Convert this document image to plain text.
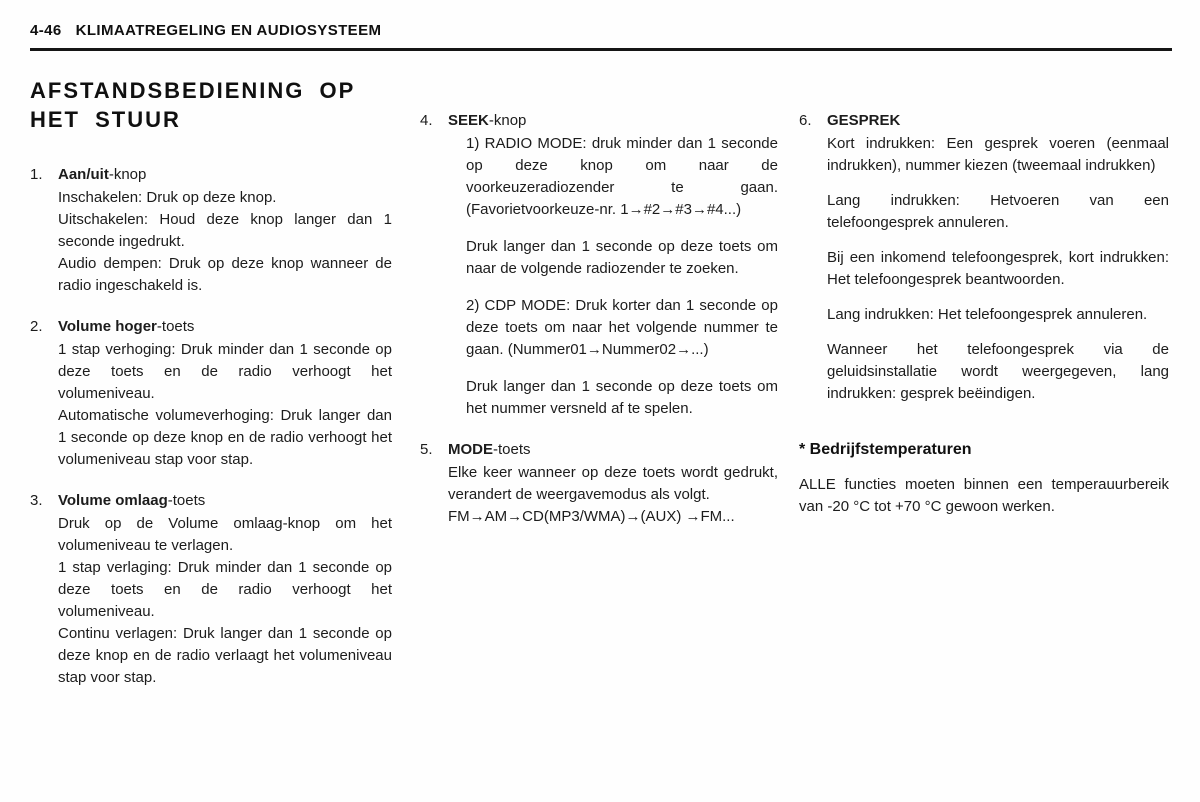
4-46 KLIMAATREGELING EN AUDIOSYSTEEM
AFSTANDSBEDIENING OP
HET STUUR
1.	Aan/uit-knop

Inschakelen: Druk op deze knop.

Uitschakelen: Houd deze knop langer dan 1 seconde ingedrukt.

Audio dempen: Druk op deze knop wanneer de radio ingeschakeld is.

2.	Volume hoger-toets

1 stap verhoging: Druk minder dan 1 seconde op deze toets en de radio verhoogt het volumeniveau.

Automatische volumeverhoging: Druk langer dan 1 seconde op deze knop en de radio verhoogt het volumeniveau stap voor stap.

3.	Volume omlaag-toets

Druk op de Volume omlaag-knop om het volumeniveau te verlagen.

1 stap verlaging: Druk minder dan 1 seconde op deze toets en de radio verhoogt het volumeniveau.

Continu verlagen: Druk langer dan 1 seconde op deze knop en de radio verlaagt het volumeniveau stap voor stap.

4.	SEEK-knop

1) RADIO MODE: druk minder dan 1 seconde op deze knop om naar de voorkeuzeradiozender te gaan. (Favorietvoorkeuze-nr. 1→#2→#3→#4...)

Druk langer dan 1 seconde op deze toets om naar de volgende radiozender te zoeken.

2) CDP MODE: Druk korter dan 1 seconde op deze toets om naar het volgende nummer te gaan. (Nummer01→Nummer02→...)

Druk langer dan 1 seconde op deze toets om het nummer versneld af te spelen.

5.	MODE-toets

Elke keer wanneer op deze toets wordt gedrukt, verandert de weergavemodus als volgt.

FM→AM→CD(MP3/WMA)→(AUX) →FM...

6.	GESPREK

Kort indrukken: Een gesprek voeren (eenmaal indrukken), nummer kiezen (tweemaal indrukken)

Lang indrukken: Hetvoeren van een telefoongesprek annuleren.

Bij een inkomend telefoongesprek, kort indrukken: Het telefoongesprek beantwoorden.

Lang indrukken: Het telefoongesprek annuleren.

Wanneer het telefoongesprek via de geluidsinstallatie wordt weergegeven, lang indrukken: gesprek beëindigen.

* Bedrijfstemperaturen

ALLE functies moeten binnen een temperauurbereik van -20 °C tot +70 °C gewoon werken.
